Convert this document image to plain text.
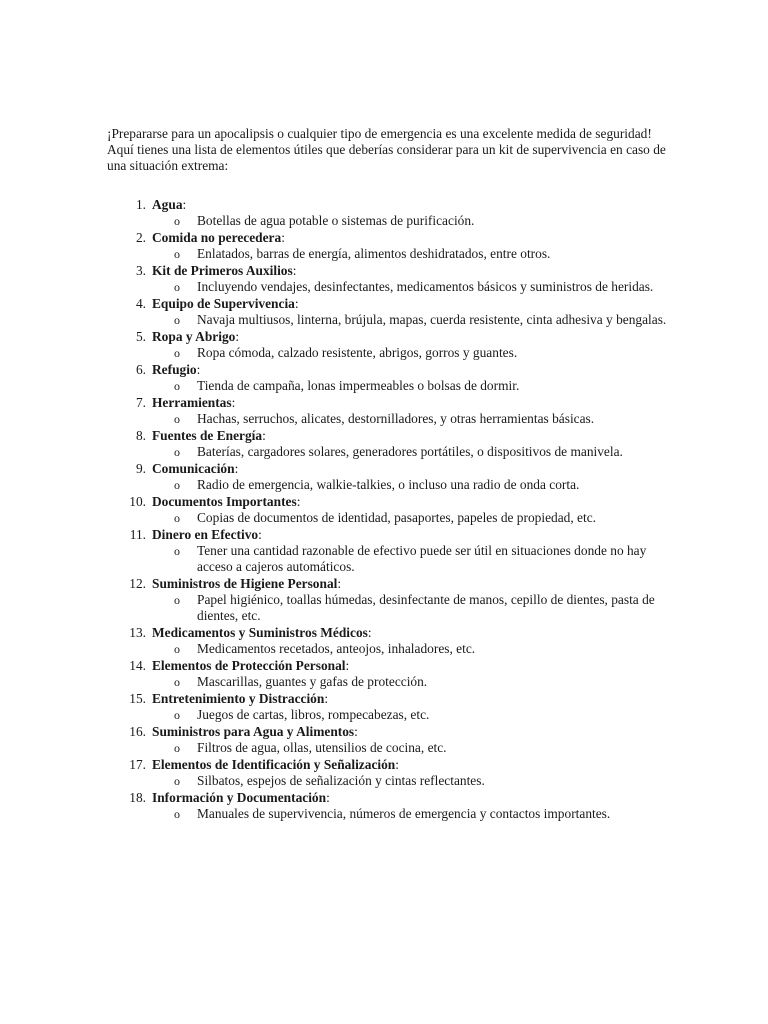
¡Prepararse para un apocalipsis o cualquier tipo de emergencia es una excelente medida de seguridad! Aquí tienes una lista de elementos útiles que deberías considerar para un kit de supervivencia en caso de una situación extrema:

1. Agua:
o Botellas de agua potable o sistemas de purificación.
2. Comida no perecedera:
o Enlatados, barras de energía, alimentos deshidratados, entre otros.
3. Kit de Primeros Auxilios:
o Incluyendo vendajes, desinfectantes, medicamentos básicos y suministros de heridas.
4. Equipo de Supervivencia:
o Navaja multiusos, linterna, brújula, mapas, cuerda resistente, cinta adhesiva y bengalas.
5. Ropa y Abrigo:
o Ropa cómoda, calzado resistente, abrigos, gorros y guantes.
6. Refugio:
o Tienda de campaña, lonas impermeables o bolsas de dormir.
7. Herramientas:
o Hachas, serruchos, alicates, destornilladores, y otras herramientas básicas.
8. Fuentes de Energía:
o Baterías, cargadores solares, generadores portátiles, o dispositivos de manivela.
9. Comunicación:
o Radio de emergencia, walkie-talkies, o incluso una radio de onda corta.
10. Documentos Importantes:
o Copias de documentos de identidad, pasaportes, papeles de propiedad, etc.
11. Dinero en Efectivo:
o Tener una cantidad razonable de efectivo puede ser útil en situaciones donde no hay acceso a cajeros automáticos.
12. Suministros de Higiene Personal:
o Papel higiénico, toallas húmedas, desinfectante de manos, cepillo de dientes, pasta de dientes, etc.
13. Medicamentos y Suministros Médicos:
o Medicamentos recetados, anteojos, inhaladores, etc.
14. Elementos de Protección Personal:
o Mascarillas, guantes y gafas de protección.
15. Entretenimiento y Distracción:
o Juegos de cartas, libros, rompecabezas, etc.
16. Suministros para Agua y Alimentos:
o Filtros de agua, ollas, utensilios de cocina, etc.
17. Elementos de Identificación y Señalización:
o Silbatos, espejos de señalización y cintas reflectantes.
18. Información y Documentación:
o Manuales de supervivencia, números de emergencia y contactos importantes.
